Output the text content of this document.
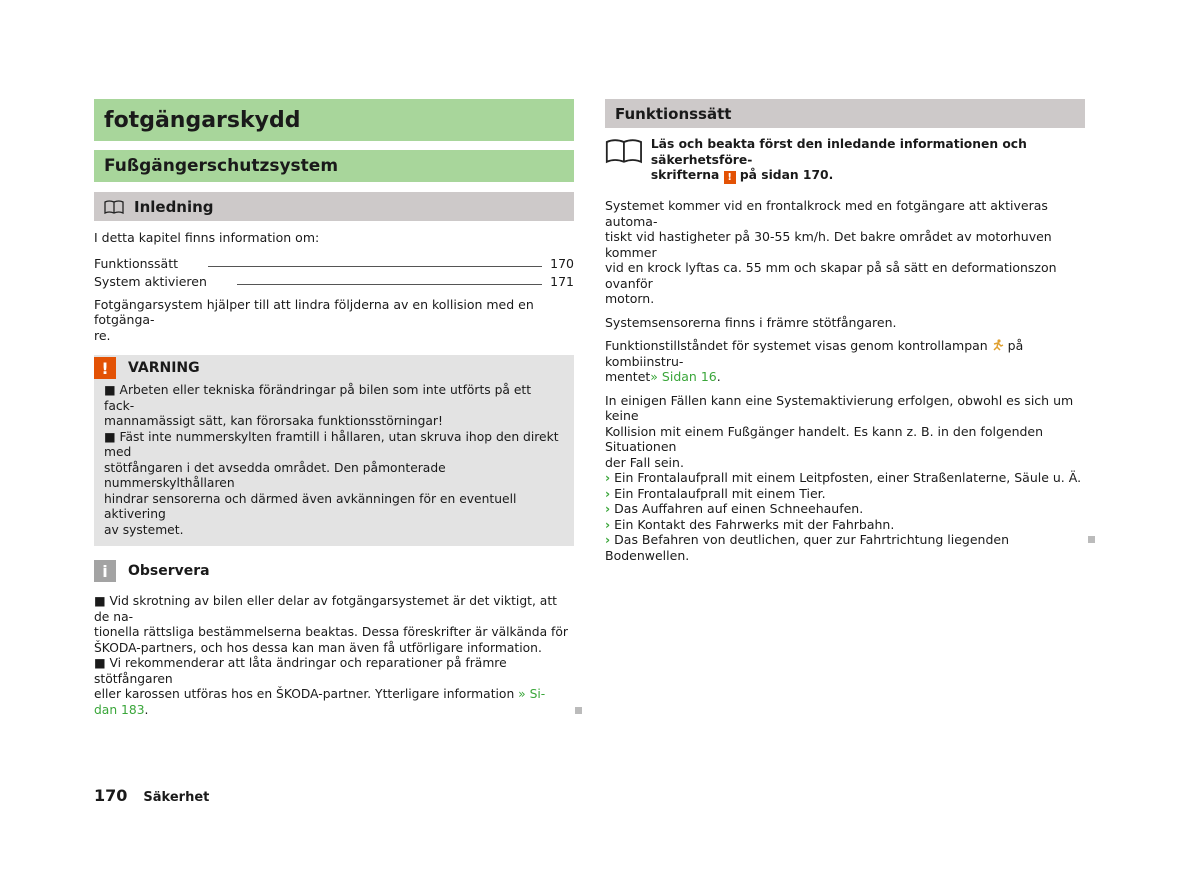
fotgängarskydd
Fußgängerschutzsystem
Inledning

I detta kapitel finns information om:

Funktionssätt	170
System aktivieren	171

Fotgängarsystem hjälper till att lindra följderna av en kollision med en fotgänga-

re.

!	VARNING

■ Arbeten eller tekniska förändringar på bilen som inte utförts på ett fack-

mannamässigt sätt, kan förorsaka funktionsstörningar!

■ Fäst inte nummerskylten framtill i hållaren, utan skruva ihop den direkt med

stötfångaren i det avsedda området. Den påmonterade nummerskylthållaren

hindrar sensorerna och därmed även avkänningen för en eventuell aktivering

av systemet.

i	Observera

■ Vid skrotning av bilen eller delar av fotgängarsystemet är det viktigt, att de na-

tionella rättsliga bestämmelserna beaktas. Dessa föreskrifter är välkända för

ŠKODA-partners, och hos dessa kan man även få utförligare information.

■ Vi rekommenderar att låta ändringar och reparationer på främre stötfångaren

eller karossen utföras hos en ŠKODA-partner. Ytterligare information » Si-

dan 183.

Funktionssätt

Läs och beakta först den inledande informationen och säkerhetsföre-

skrifterna ! på sidan 170.

Systemet kommer vid en frontalkrock med en fotgängare att aktiveras automa-

tiskt vid hastigheter på 30-55 km/h. Det bakre området av motorhuven kommer

vid en krock lyftas ca. 55 mm och skapar på så sätt en deformationszon ovanför

motorn.

Systemsensorerna finns i främre stötfångaren.

Funktionstillståndet för systemet visas genom kontrollampan  på kombiinstru-

mentet» Sidan 16.

In einigen Fällen kann eine Systemaktivierung erfolgen, obwohl es sich um keine

Kollision mit einem Fußgänger handelt. Es kann z. B. in den folgenden Situationen

der Fall sein.

› Ein Frontalaufprall mit einem Leitpfosten, einer Straßenlaterne, Säule u. Ä.
› Ein Frontalaufprall mit einem Tier.
› Das Auffahren auf einen Schneehaufen.
› Ein Kontakt des Fahrwerks mit der Fahrbahn.
› Das Befahren von deutlichen, quer zur Fahrtrichtung liegenden Bodenwellen.
170 Säkerhet
